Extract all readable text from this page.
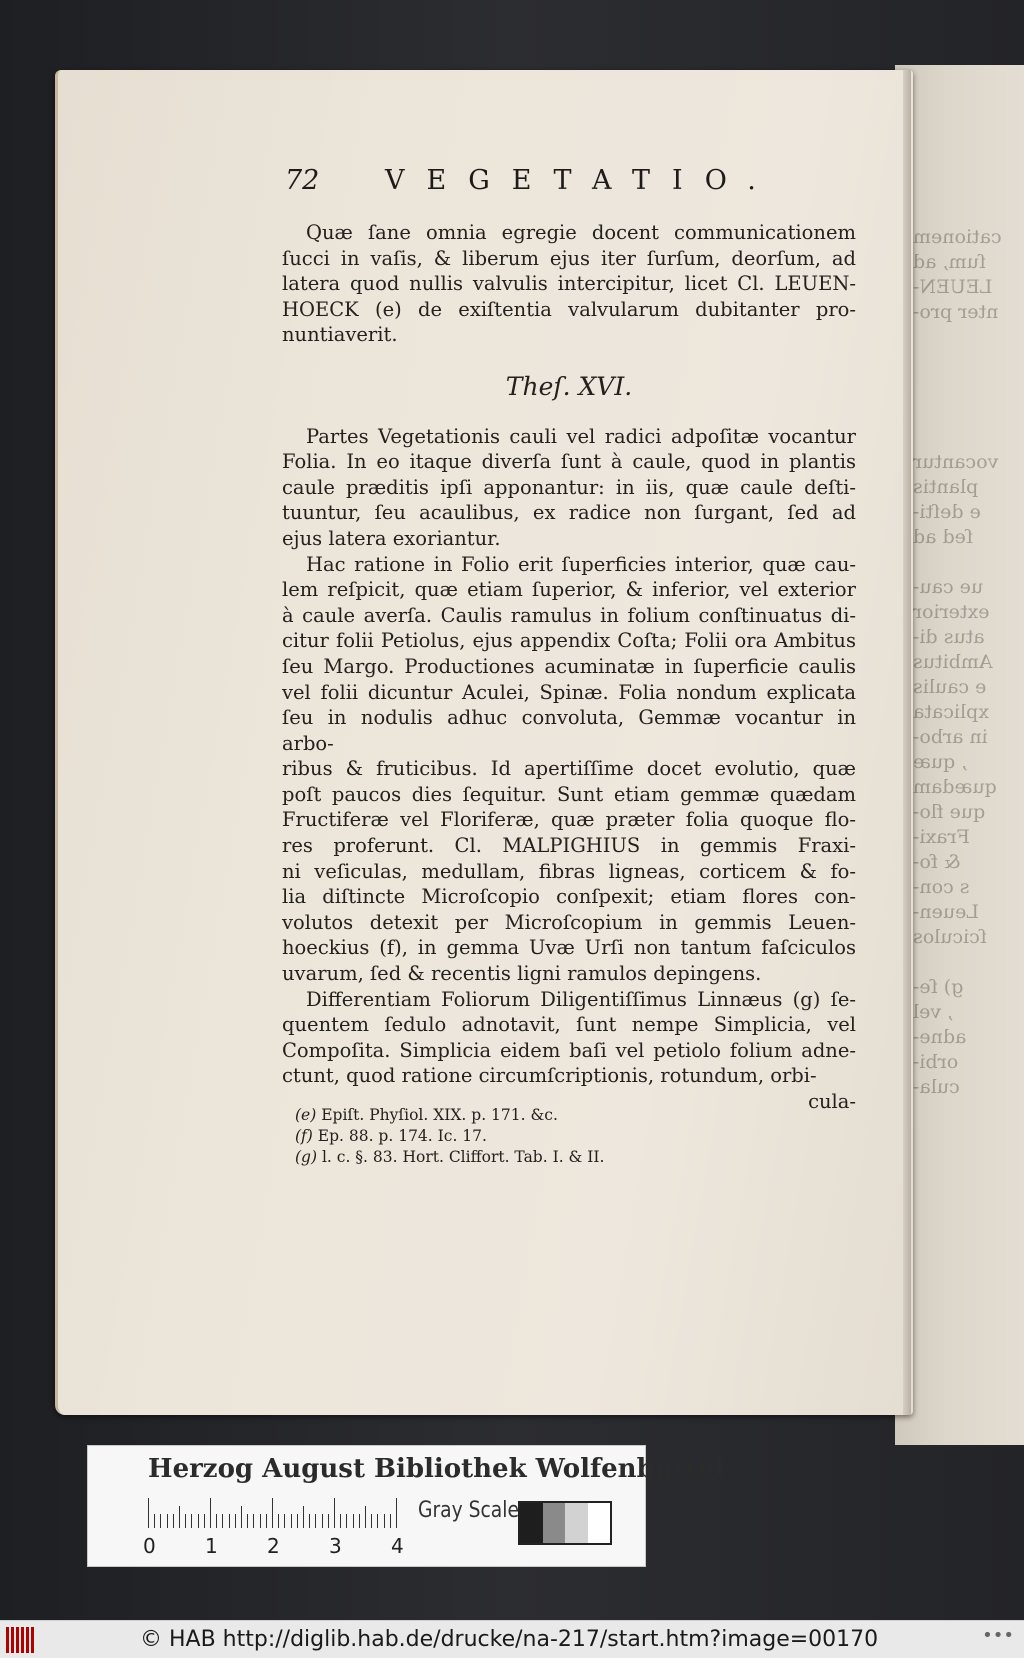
cationem
ſum, ad
LEUEN-
nter pro-
vocantur
plantis
e deſti-
ſed ad
ue cau-
exterior
atus di-
Ambitus
e caulis
xplicata
in arbo-
, quæ
quædam
que flo-
Fraxi-
& fo-
s con-
Leuen-
ſciculos
g) ſe-
, vel
adne-
orbi-
cula-
72 VEGETATIO.

Quæ ſane omnia egregie docent communicationem

ſucci in vaſis, & liberum ejus iter ſurſum, deorſum, ad

latera quod nullis valvulis intercipitur, licet Cl. LEUEN-

HOECK (e) de exiſtentia valvularum dubitanter pro-

nuntiaverit.

Theſ. XVI.

Partes Vegetationis cauli vel radici adpoſitæ vocantur

Folia. In eo itaque diverſa ſunt à caule, quod in plantis

caule præditis ipſi apponantur: in iis, quæ caule deſti-

tuuntur, ſeu acaulibus, ex radice non ſurgant, ſed ad

ejus latera exoriantur.

Hac ratione in Folio erit ſuperficies interior, quæ cau-

lem reſpicit, quæ etiam ſuperior, & inferior, vel exterior

à caule averſa. Caulis ramulus in folium conſtinuatus di-

citur folii Petiolus, ejus appendix Coſta; Folii ora Ambitus

ſeu Margo. Productiones acuminatæ in ſuperficie caulis

vel folii dicuntur Aculei, Spinæ. Folia nondum explicata

ſeu in nodulis adhuc convoluta, Gemmæ vocantur in arbo-

ribus & fruticibus. Id apertiſſime docet evolutio, quæ

poſt paucos dies ſequitur. Sunt etiam gemmæ quædam

Fructiferæ vel Floriferæ, quæ præter folia quoque flo-

res proferunt. Cl. MALPIGHIUS in gemmis Fraxi-

ni veſiculas, medullam, fibras ligneas, corticem & fo-

lia diſtincte Microſcopio conſpexit; etiam flores con-

volutos detexit per Microſcopium in gemmis Leuen-

hoeckius (f), in gemma Uvæ Urſi non tantum faſciculos

uvarum, ſed & recentis ligni ramulos depingens.

Differentiam Foliorum Diligentiſſimus Linnæus (g) ſe-

quentem ſedulo adnotavit, ſunt nempe Simplicia, vel

Compoſita. Simplicia eidem baſi vel petiolo folium adne-

ctunt, quod ratione circumſcriptionis, rotundum, orbi-

cula-

(e) Epiſt. Phyſiol. XIX. p. 171. &c.
(f) Ep. 88. p. 174. Ic. 17.
(g) l. c. §. 83. Hort. Cliffort. Tab. I. & II.
Herzog August Bibliothek Wolfenbüttel
0 1 2 3 4
Gray Scale
© HAB http://diglib.hab.de/drucke/na-217/start.htm?image=00170	•••
